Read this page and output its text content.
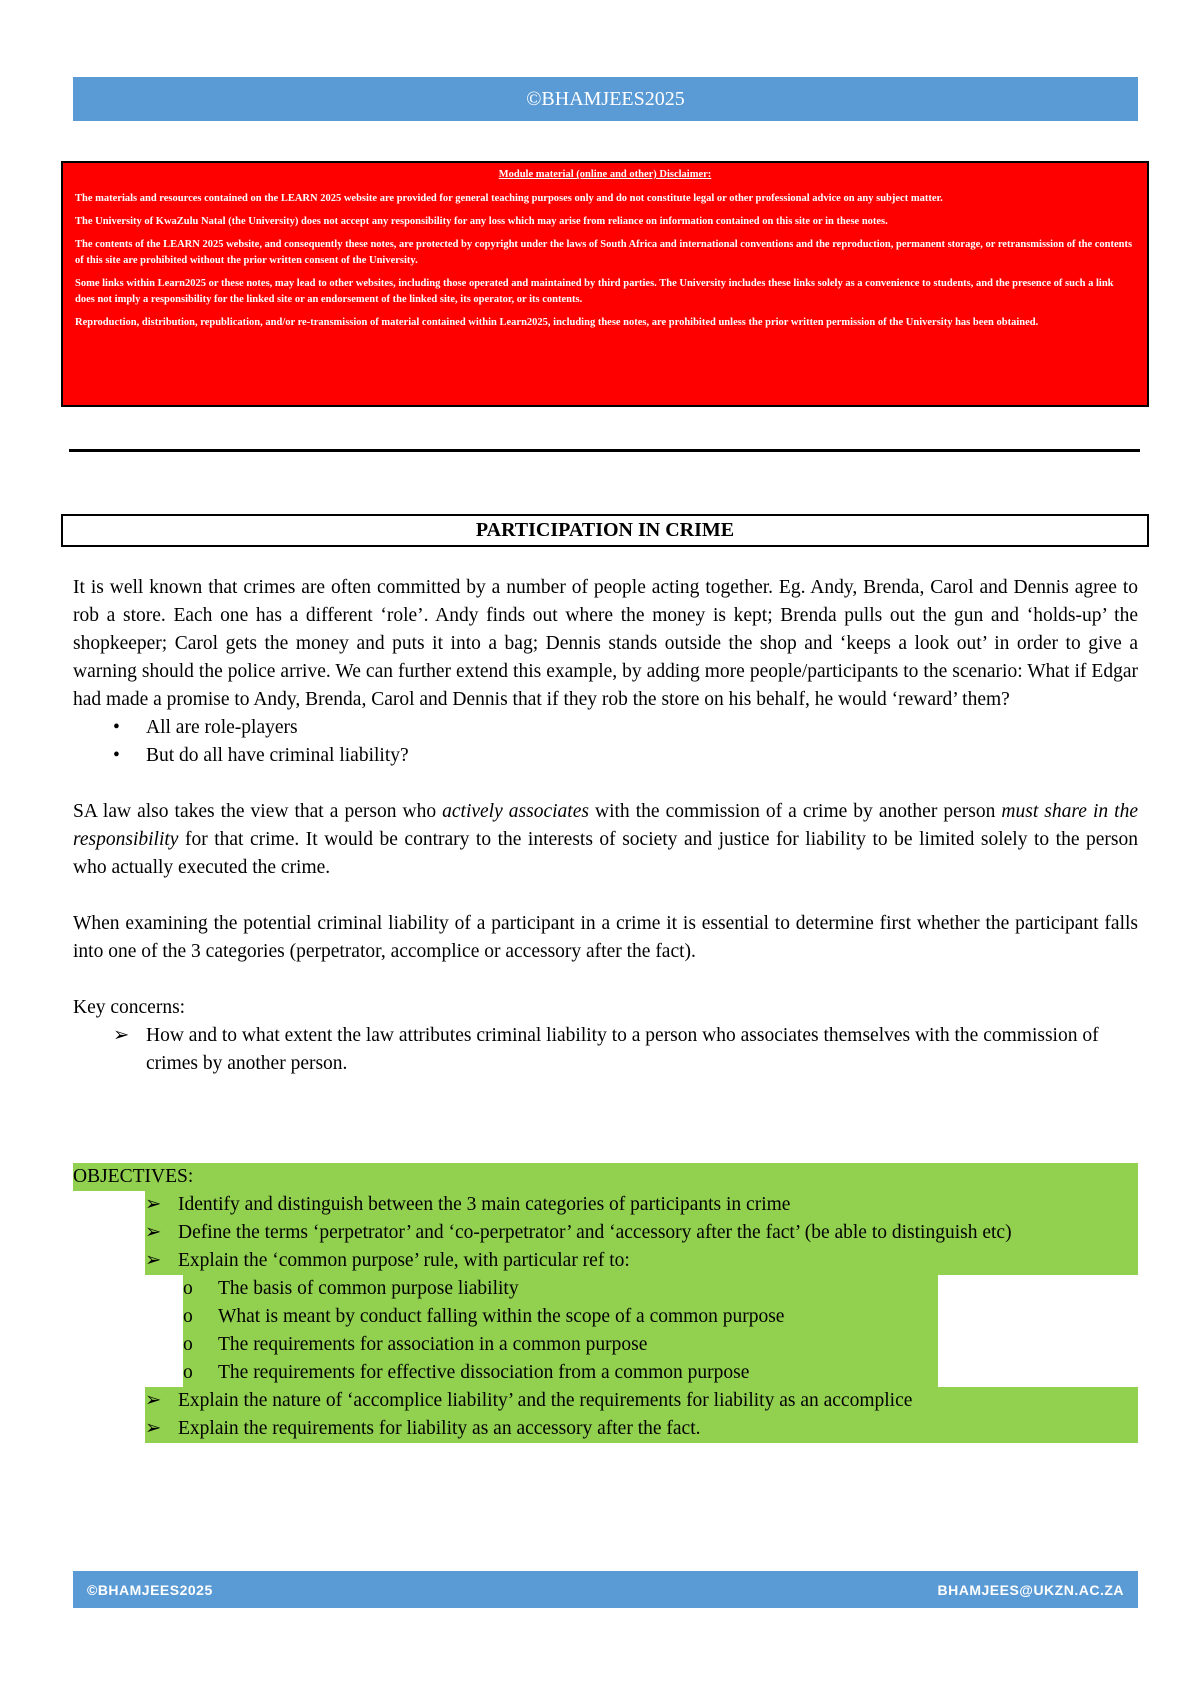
©BHAMJEES2025
Module material (online and other) Disclaimer:

The materials and resources contained on the LEARN 2025 website are provided for general teaching purposes only and do not constitute legal or other professional advice on any subject matter.

The University of KwaZulu Natal (the University) does not accept any responsibility for any loss which may arise from reliance on information contained on this site or in these notes.

The contents of the LEARN 2025 website, and consequently these notes, are protected by copyright under the laws of South Africa and international conventions and the reproduction, permanent storage, or retransmission of the contents of this site are prohibited without the prior written consent of the University.

Some links within Learn2025 or these notes, may lead to other websites, including those operated and maintained by third parties. The University includes these links solely as a convenience to students, and the presence of such a link does not imply a responsibility for the linked site or an endorsement of the linked site, its operator, or its contents.

Reproduction, distribution, republication, and/or re-transmission of material contained within Learn2025, including these notes, are prohibited unless the prior written permission of the University has been obtained.

PARTICIPATION IN CRIME

It is well known that crimes are often committed by a number of people acting together. Eg. Andy, Brenda, Carol and Dennis agree to rob a store. Each one has a different ‘role’. Andy finds out where the money is kept; Brenda pulls out the gun and ‘holds-up’ the shopkeeper; Carol gets the money and puts it into a bag; Dennis stands outside the shop and ‘keeps a look out’ in order to give a warning should the police arrive. We can further extend this example, by adding more people/participants to the scenario: What if Edgar had made a promise to Andy, Brenda, Carol and Dennis that if they rob the store on his behalf, he would ‘reward’ them?

• All are role-players
• But do all have criminal liability?

SA law also takes the view that a person who actively associates with the commission of a crime by another person must share in the responsibility for that crime. It would be contrary to the interests of society and justice for liability to be limited solely to the person who actually executed the crime.

When examining the potential criminal liability of a participant in a crime it is essential to determine first whether the participant falls into one of the 3 categories (perpetrator, accomplice or accessory after the fact).

Key concerns:

➢ How and to what extent the law attributes criminal liability to a person who associates themselves with the commission of crimes by another person.
OBJECTIVES:
➢ Identify and distinguish between the 3 main categories of participants in crime
➢ Define the terms ‘perpetrator’ and ‘co-perpetrator’ and ‘accessory after the fact’ (be able to distinguish etc)
➢ Explain the ‘common purpose’ rule, with particular ref to:
o The basis of common purpose liability
o What is meant by conduct falling within the scope of a common purpose
o The requirements for association in a common purpose
o The requirements for effective dissociation from a common purpose
➢ Explain the nature of ‘accomplice liability’ and the requirements for liability as an accomplice
➢ Explain the requirements for liability as an accessory after the fact.
©BHAMJEES2025	BHAMJEES@UKZN.AC.ZA
